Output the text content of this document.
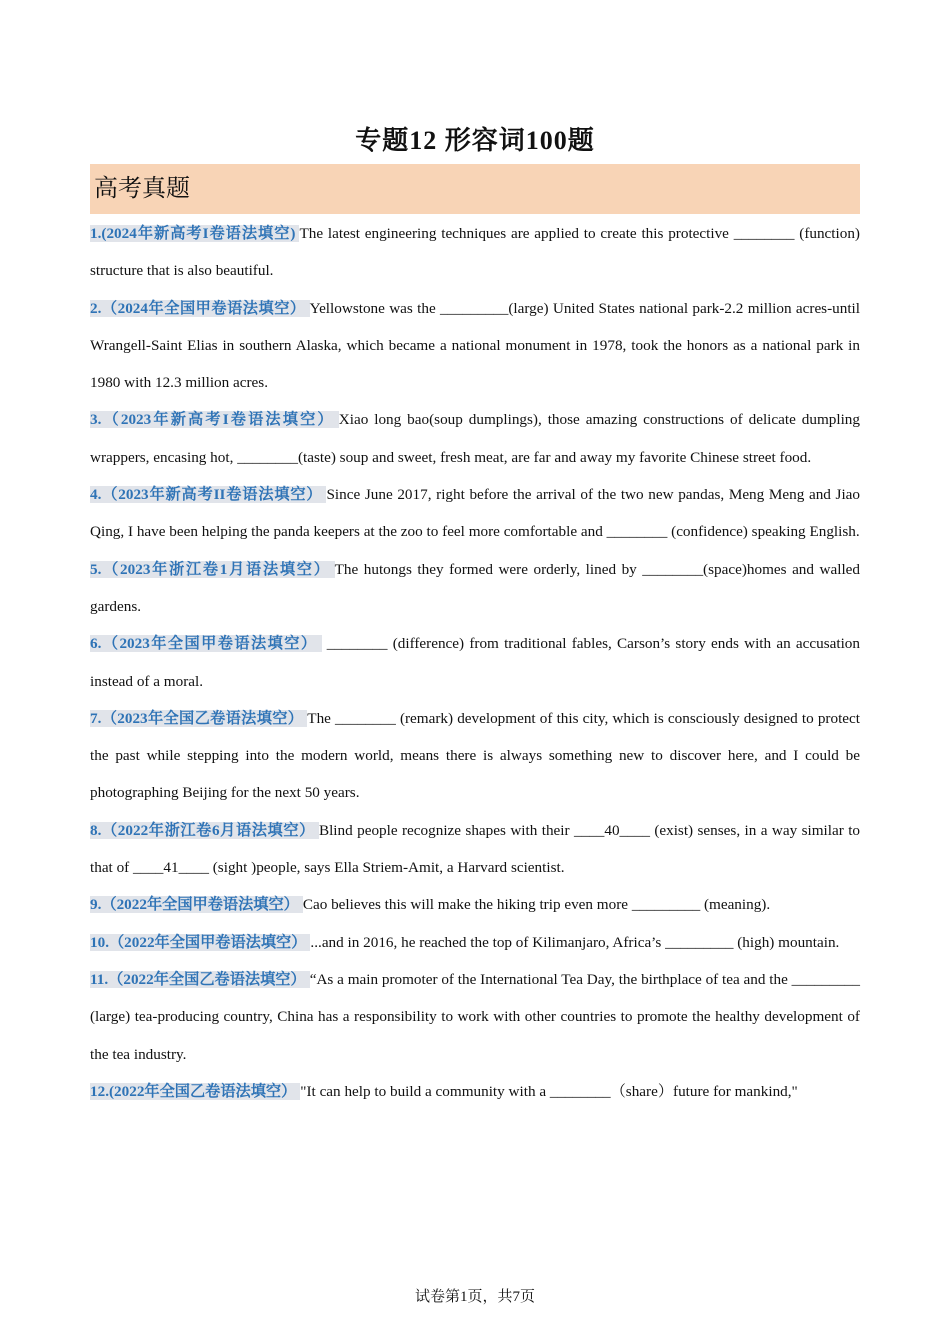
专题12 形容词100题
高考真题

1.(2024年新高考I卷语法填空) The latest engineering techniques are applied to create this protective ________ (function) structure that is also beautiful.

2.（2024年全国甲卷语法填空） Yellowstone was the _________(large) United States national park-2.2 million acres-until Wrangell-Saint Elias in southern Alaska, which became a national monument in 1978, took the honors as a national park in 1980 with 12.3 million acres.

3.（2023年新高考I卷语法填空） Xiao long bao(soup dumplings), those amazing constructions of delicate dumpling wrappers, encasing hot, ________(taste) soup and sweet, fresh meat, are far and away my favorite Chinese street food.

4.（2023年新高考II卷语法填空） Since June 2017, right before the arrival of the two new pandas, Meng Meng and Jiao Qing, I have been helping the panda keepers at the zoo to feel more comfortable and ________ (confidence) speaking English.

5.（2023年浙江卷1月语法填空） The hutongs they formed were orderly, lined by ________(space)homes and walled gardens.

6.（2023年全国甲卷语法填空） ________ (difference) from traditional fables, Carson’s story ends with an accusation instead of a moral.

7.（2023年全国乙卷语法填空） The ________ (remark) development of this city, which is consciously designed to protect the past while stepping into the modern world, means there is always something new to discover here, and I could be photographing Beijing for the next 50 years.

8.（2022年浙江卷6月语法填空） Blind people recognize shapes with their ____40____ (exist) senses, in a way similar to that of ____41____ (sight )people, says Ella Striem-Amit, a Harvard scientist.

9.（2022年全国甲卷语法填空） Cao believes this will make the hiking trip even more _________ (meaning).

10.（2022年全国甲卷语法填空） ...and in 2016, he reached the top of Kilimanjaro, Africa’s _________ (high) mountain.

11.（2022年全国乙卷语法填空） “As a main promoter of the International Tea Day, the birthplace of tea and the _________ (large) tea-producing country, China has a responsibility to work with other countries to promote the healthy development of the tea industry.

12.(2022年全国乙卷语法填空） "It can help to build a community with a ________（share）future for mankind,"

试卷第1页，共7页
